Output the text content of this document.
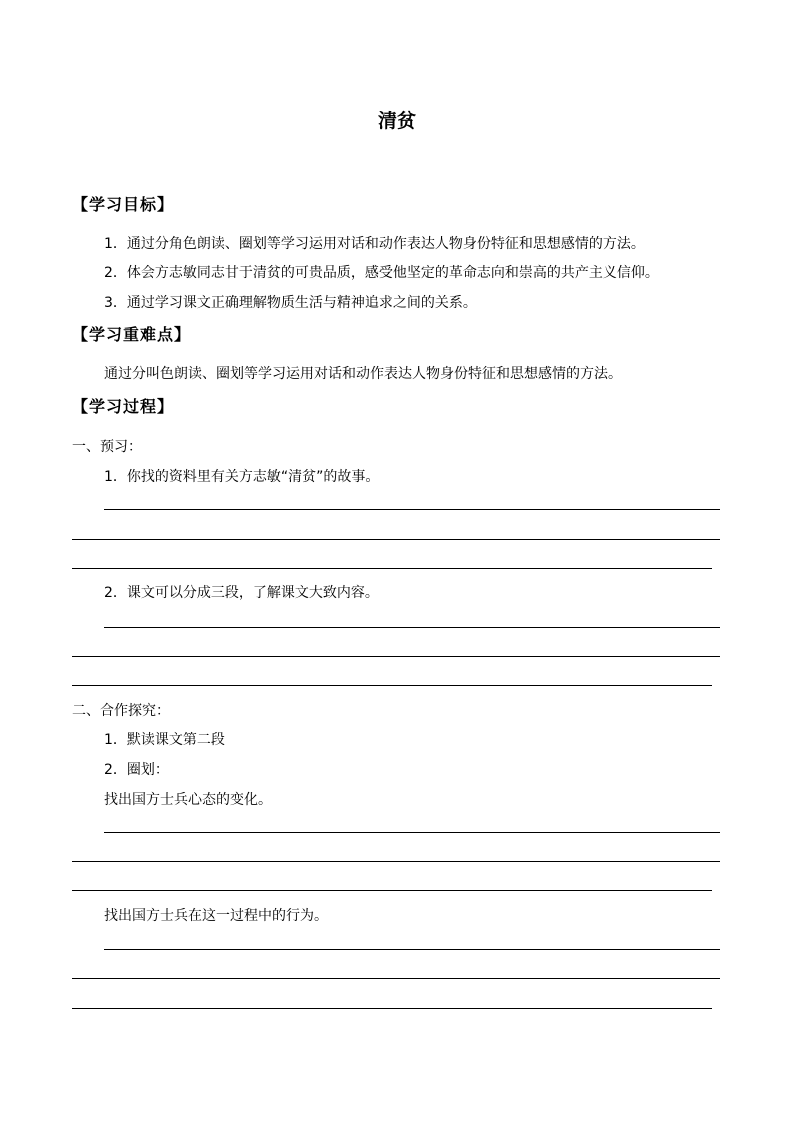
清贫
【学习目标】
1．通过分角色朗读、圈划等学习运用对话和动作表达人物身份特征和思想感情的方法。
2．体会方志敏同志甘于清贫的可贵品质，感受他坚定的革命志向和崇高的共产主义信仰。
3．通过学习课文正确理解物质生活与精神追求之间的关系。
【学习重难点】
通过分叫色朗读、圈划等学习运用对话和动作表达人物身份特征和思想感情的方法。
【学习过程】
一、预习：
1．你找的资料里有关方志敏“清贫”的故事。
2．课文可以分成三段，了解课文大致内容。
二、合作探究：
1．默读课文第二段
2．圈划：
找出国方士兵心态的变化。
找出国方士兵在这一过程中的行为。
